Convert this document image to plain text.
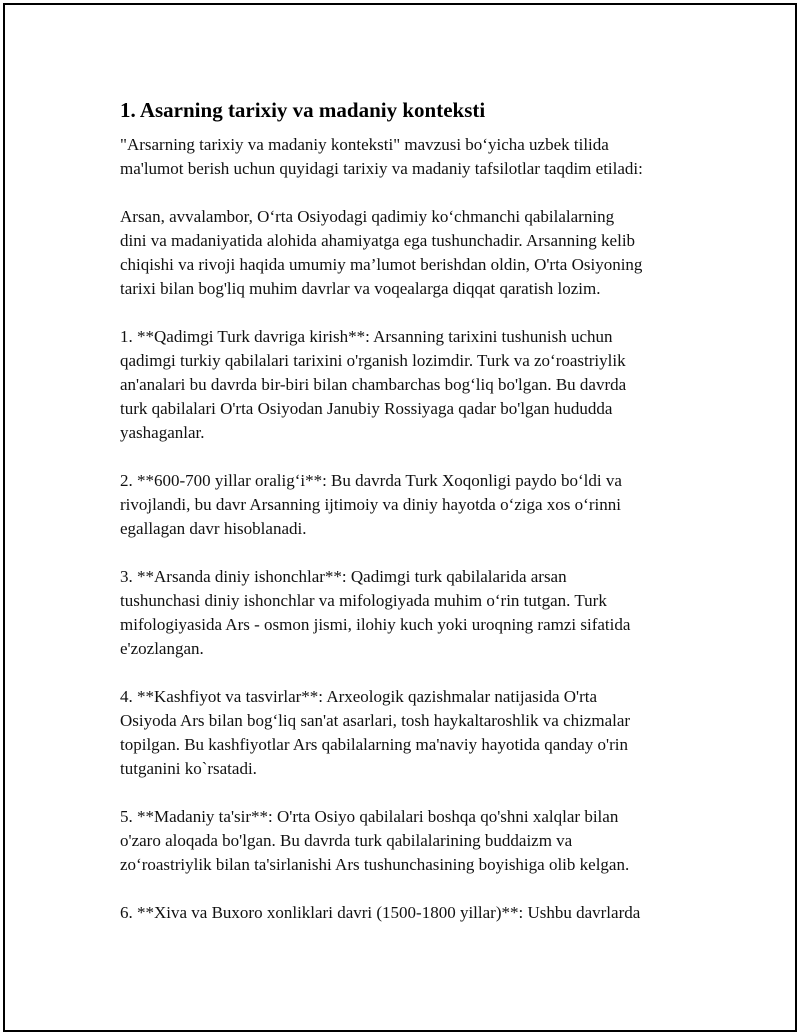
1. Asarning tarixiy va madaniy konteksti

"Arsarning tarixiy va madaniy konteksti" mavzusi bo‘yicha uzbek tilida
ma'lumot berish uchun quyidagi tarixiy va madaniy tafsilotlar taqdim etiladi:

Arsan, avvalambor, O‘rta Osiyodagi qadimiy ko‘chmanchi qabilalarning
dini va madaniyatida alohida ahamiyatga ega tushunchadir. Arsanning kelib
chiqishi va rivoji haqida umumiy ma’lumot berishdan oldin, O'rta Osiyoning
tarixi bilan bog'liq muhim davrlar va voqealarga diqqat qaratish lozim.

1. **Qadimgi Turk davriga kirish**: Arsanning tarixini tushunish uchun
qadimgi turkiy qabilalari tarixini o'rganish lozimdir. Turk va zo‘roastriylik
an'analari bu davrda bir-biri bilan chambarchas bog‘liq bo'lgan. Bu davrda
turk qabilalari O'rta Osiyodan Janubiy Rossiyaga qadar bo'lgan hududda
yashaganlar.

2. **600-700 yillar oralig‘i**: Bu davrda Turk Xoqonligi paydo bo‘ldi va
rivojlandi, bu davr Arsanning ijtimoiy va diniy hayotda o‘ziga xos o‘rinni
egallagan davr hisoblanadi.

3. **Arsanda diniy ishonchlar**: Qadimgi turk qabilalarida arsan
tushunchasi diniy ishonchlar va mifologiyada muhim o‘rin tutgan. Turk
mifologiyasida Ars - osmon jismi, ilohiy kuch yoki uroqning ramzi sifatida
e'zozlangan.

4. **Kashfiyot va tasvirlar**: Arxeologik qazishmalar natijasida O'rta
Osiyoda Ars bilan bog‘liq san'at asarlari, tosh haykaltaroshlik va chizmalar
topilgan. Bu kashfiyotlar Ars qabilalarning ma'naviy hayotida qanday o'rin
tutganini ko`rsatadi.

5. **Madaniy ta'sir**: O'rta Osiyo qabilalari boshqa qo'shni xalqlar bilan
o'zaro aloqada bo'lgan. Bu davrda turk qabilalarining buddaizm va
zo‘roastriylik bilan ta'sirlanishi Ars tushunchasining boyishiga olib kelgan.

6. **Xiva va Buxoro xonliklari davri (1500-1800 yillar)**: Ushbu davrlarda
